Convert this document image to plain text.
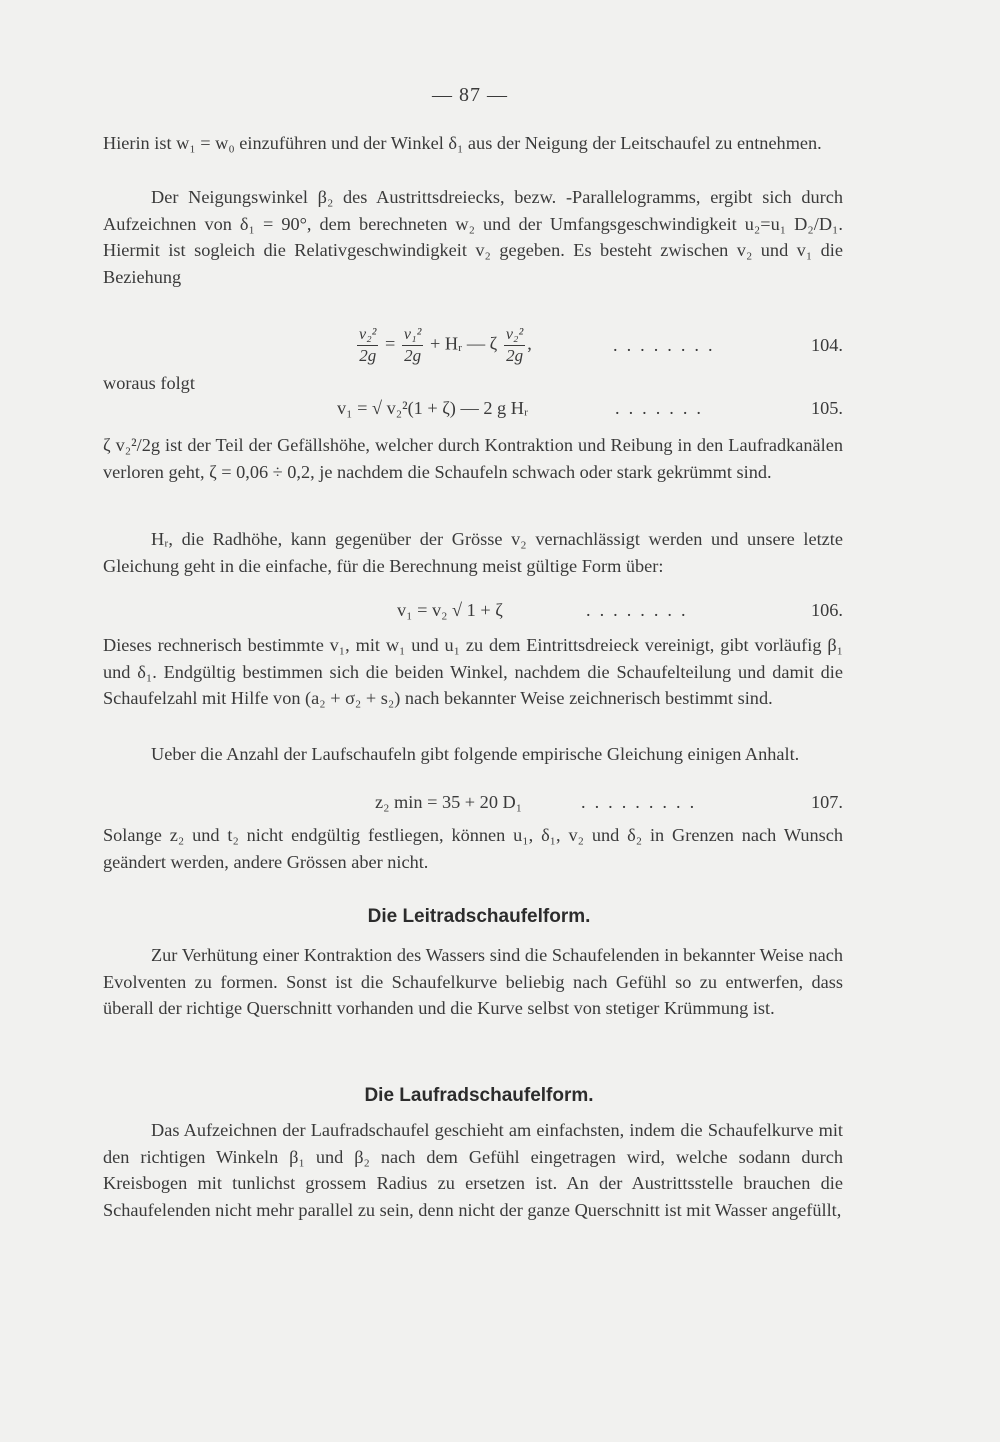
— 87 —

Hierin ist w₁ = w₀ einzuführen und der Winkel δ₁ aus der Neigung der Leitschaufel zu entnehmen.

Der Neigungswinkel β₂ des Austrittsdreiecks, bezw. -Parallelogramms, ergibt sich durch Aufzeichnen von δ₁ = 90°, dem berechneten w₂ und der Umfangsgeschwindigkeit u₂=u₁ D₂/D₁. Hiermit ist sogleich die Relativgeschwindigkeit v₂ gegeben. Es besteht zwischen v₂ und v₁ die Beziehung

$\frac{\text{v₂²}}{2g} = \frac{\text{v₁²}}{2g}$ + Hᵣ — ζ $\frac{\text{v₂²}}{2g}$ ,	........	104.

woraus folgt

v₁ = √ v₂²(1 + ζ) — 2 g Hᵣ	.......	105.

ζ v₂²/2g ist der Teil der Gefällshöhe, welcher durch Kontraktion und Reibung in den Laufradkanälen verloren geht, ζ = 0,06 ÷ 0,2, je nachdem die Schaufeln schwach oder stark gekrümmt sind.

Hᵣ, die Radhöhe, kann gegenüber der Grösse v₂ vernachlässigt werden und unsere letzte Gleichung geht in die einfache, für die Berechnung meist gültige Form über:

v₁ = v₂ √ 1 + ζ	........	106.

Dieses rechnerisch bestimmte v₁, mit w₁ und u₁ zu dem Eintrittsdreieck vereinigt, gibt vorläufig β₁ und δ₁. Endgültig bestimmen sich die beiden Winkel, nachdem die Schaufelteilung und damit die Schaufelzahl mit Hilfe von (a₂ + σ₂ + s₂) nach bekannter Weise zeichnerisch bestimmt sind.

Ueber die Anzahl der Laufschaufeln gibt folgende empirische Gleichung einigen Anhalt.

z₂ min = 35 + 20 D₁	.........	107.

Solange z₂ und t₂ nicht endgültig festliegen, können u₁, δ₁, v₂ und δ₂ in Grenzen nach Wunsch geändert werden, andere Grössen aber nicht.

Die Leitradschaufelform.

Zur Verhütung einer Kontraktion des Wassers sind die Schaufelenden in bekannter Weise nach Evolventen zu formen. Sonst ist die Schaufelkurve beliebig nach Gefühl so zu entwerfen, dass überall der richtige Querschnitt vorhanden und die Kurve selbst von stetiger Krümmung ist.

Die Laufradschaufelform.

Das Aufzeichnen der Laufradschaufel geschieht am einfachsten, indem die Schaufelkurve mit den richtigen Winkeln β₁ und β₂ nach dem Gefühl eingetragen wird, welche sodann durch Kreisbogen mit tunlichst grossem Radius zu ersetzen ist. An der Austrittsstelle brauchen die Schaufelenden nicht mehr parallel zu sein, denn nicht der ganze Querschnitt ist mit Wasser angefüllt,
